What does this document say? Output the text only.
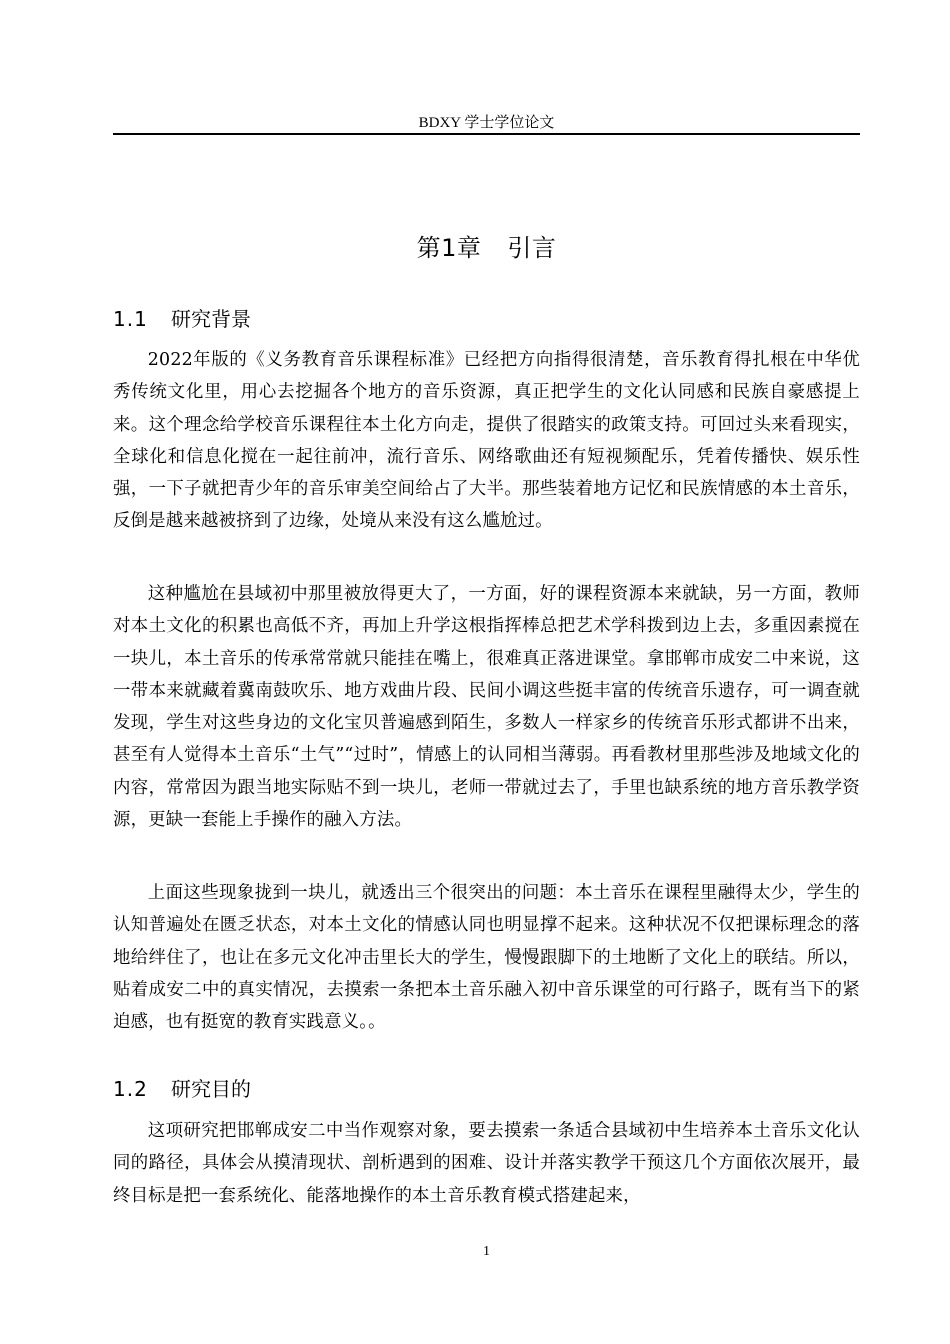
BDXY 学士学位论文
第1章 引言
1.1 研究背景

2022年版的《义务教育音乐课程标准》已经把方向指得很清楚，音乐教育得扎根在中华优秀传统文化里，用心去挖掘各个地方的音乐资源，真正把学生的文化认同感和民族自豪感提上来。这个理念给学校音乐课程往本土化方向走，提供了很踏实的政策支持。可回过头来看现实，全球化和信息化搅在一起往前冲，流行音乐、网络歌曲还有短视频配乐，凭着传播快、娱乐性强，一下子就把青少年的音乐审美空间给占了大半。那些装着地方记忆和民族情感的本土音乐，反倒是越来越被挤到了边缘，处境从来没有这么尴尬过。

这种尴尬在县域初中那里被放得更大了，一方面，好的课程资源本来就缺，另一方面，教师对本土文化的积累也高低不齐，再加上升学这根指挥棒总把艺术学科拨到边上去，多重因素搅在一块儿，本土音乐的传承常常就只能挂在嘴上，很难真正落进课堂。拿邯郸市成安二中来说，这一带本来就藏着冀南鼓吹乐、地方戏曲片段、民间小调这些挺丰富的传统音乐遗存，可一调查就发现，学生对这些身边的文化宝贝普遍感到陌生，多数人一样家乡的传统音乐形式都讲不出来，甚至有人觉得本土音乐“土气”“过时”，情感上的认同相当薄弱。再看教材里那些涉及地域文化的内容，常常因为跟当地实际贴不到一块儿，老师一带就过去了，手里也缺系统的地方音乐教学资源，更缺一套能上手操作的融入方法。

上面这些现象拢到一块儿，就透出三个很突出的问题：本土音乐在课程里融得太少，学生的认知普遍处在匮乏状态，对本土文化的情感认同也明显撑不起来。这种状况不仅把课标理念的落地给绊住了，也让在多元文化冲击里长大的学生，慢慢跟脚下的土地断了文化上的联结。所以，贴着成安二中的真实情况，去摸索一条把本土音乐融入初中音乐课堂的可行路子，既有当下的紧迫感，也有挺宽的教育实践意义。。

1.2 研究目的

这项研究把邯郸成安二中当作观察对象，要去摸索一条适合县域初中生培养本土音乐文化认同的路径，具体会从摸清现状、剖析遇到的困难、设计并落实教学干预这几个方面依次展开，最终目标是把一套系统化、能落地操作的本土音乐教育模式搭建起来，

1
